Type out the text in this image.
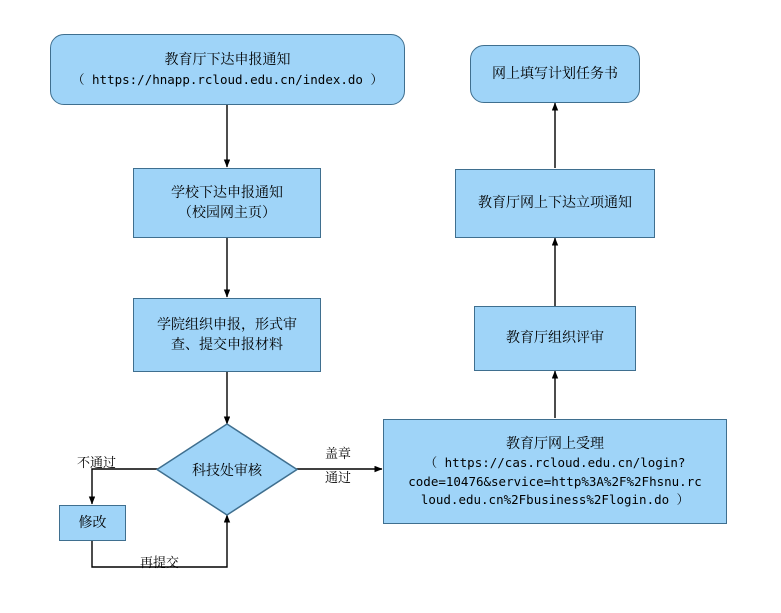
教育厅下达申报通知
（ https://hnapp.rcloud.edu.cn/index.do ）
学校下达申报通知
（校园网主页）
学院组织申报，形式审
查、提交申报材料
科技处审核
修改
教育厅网上受理
（ https://cas.rcloud.edu.cn/login?
code=10476&service=http%3A%2F%2Fhsnu.rc
loud.edu.cn%2Fbusiness%2Flogin.do ）
教育厅组织评审
教育厅网上下达立项通知
网上填写计划任务书
不通过
盖章
通过
再提交
